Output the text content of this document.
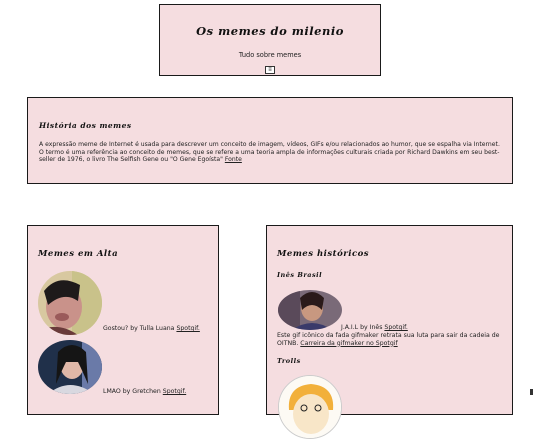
Os memes do milenio
Tudo sobre memes
≡
História dos memes
A expressão meme de Internet é usada para descrever um conceito de imagem, vídeos, GIFs e/ou relacionados ao humor, que se espalha via Internet. O termo é uma referência ao conceito de memes, que se refere a uma teoria ampla de informações culturais criada por Richard Dawkins em seu best-seller de 1976, o livro The Selfish Gene ou "O Gene Egoísta" Fonte
Memes em Alta
Gostou? by Tulla Luana Spotgif.
LMAO by Gretchen Spotgif.
Memes históricos
Inês Brasil
J.A.I.L by Inês Spotgif.
Este gif icônico da fada gifmaker retrata sua luta para sair da cadeia de OITNB. Carreira da gifmaker no Spotgif
Trolls
